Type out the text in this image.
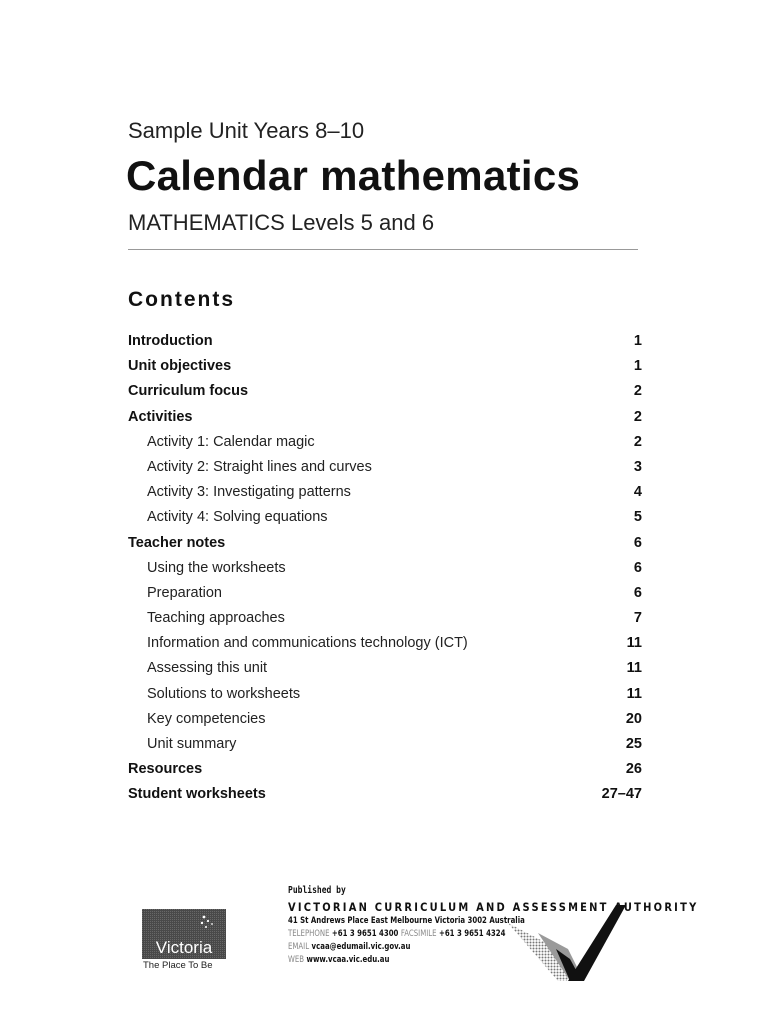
Sample Unit Years 8–10
Calendar mathematics
MATHEMATICS Levels 5 and 6
Contents
Introduction	1
Unit objectives	1
Curriculum focus	2
Activities	2
Activity 1: Calendar magic	2
Activity 2: Straight lines and curves	3
Activity 3: Investigating patterns	4
Activity 4: Solving equations	5
Teacher notes	6
Using the worksheets	6
Preparation	6
Teaching approaches	7
Information and communications technology (ICT)	11
Assessing this unit	11
Solutions to worksheets	11
Key competencies	20
Unit summary	25
Resources	26
Student worksheets	27–47
Victoria
The Place To Be
Published by
VICTORIAN CURRICULUM AND ASSESSMENT AUTHORITY
41 St Andrews Place East Melbourne Victoria 3002 Australia
TELEPHONE +61 3 9651 4300 FACSIMILE +61 3 9651 4324
EMAIL vcaa@edumail.vic.gov.au
WEB www.vcaa.vic.edu.au
